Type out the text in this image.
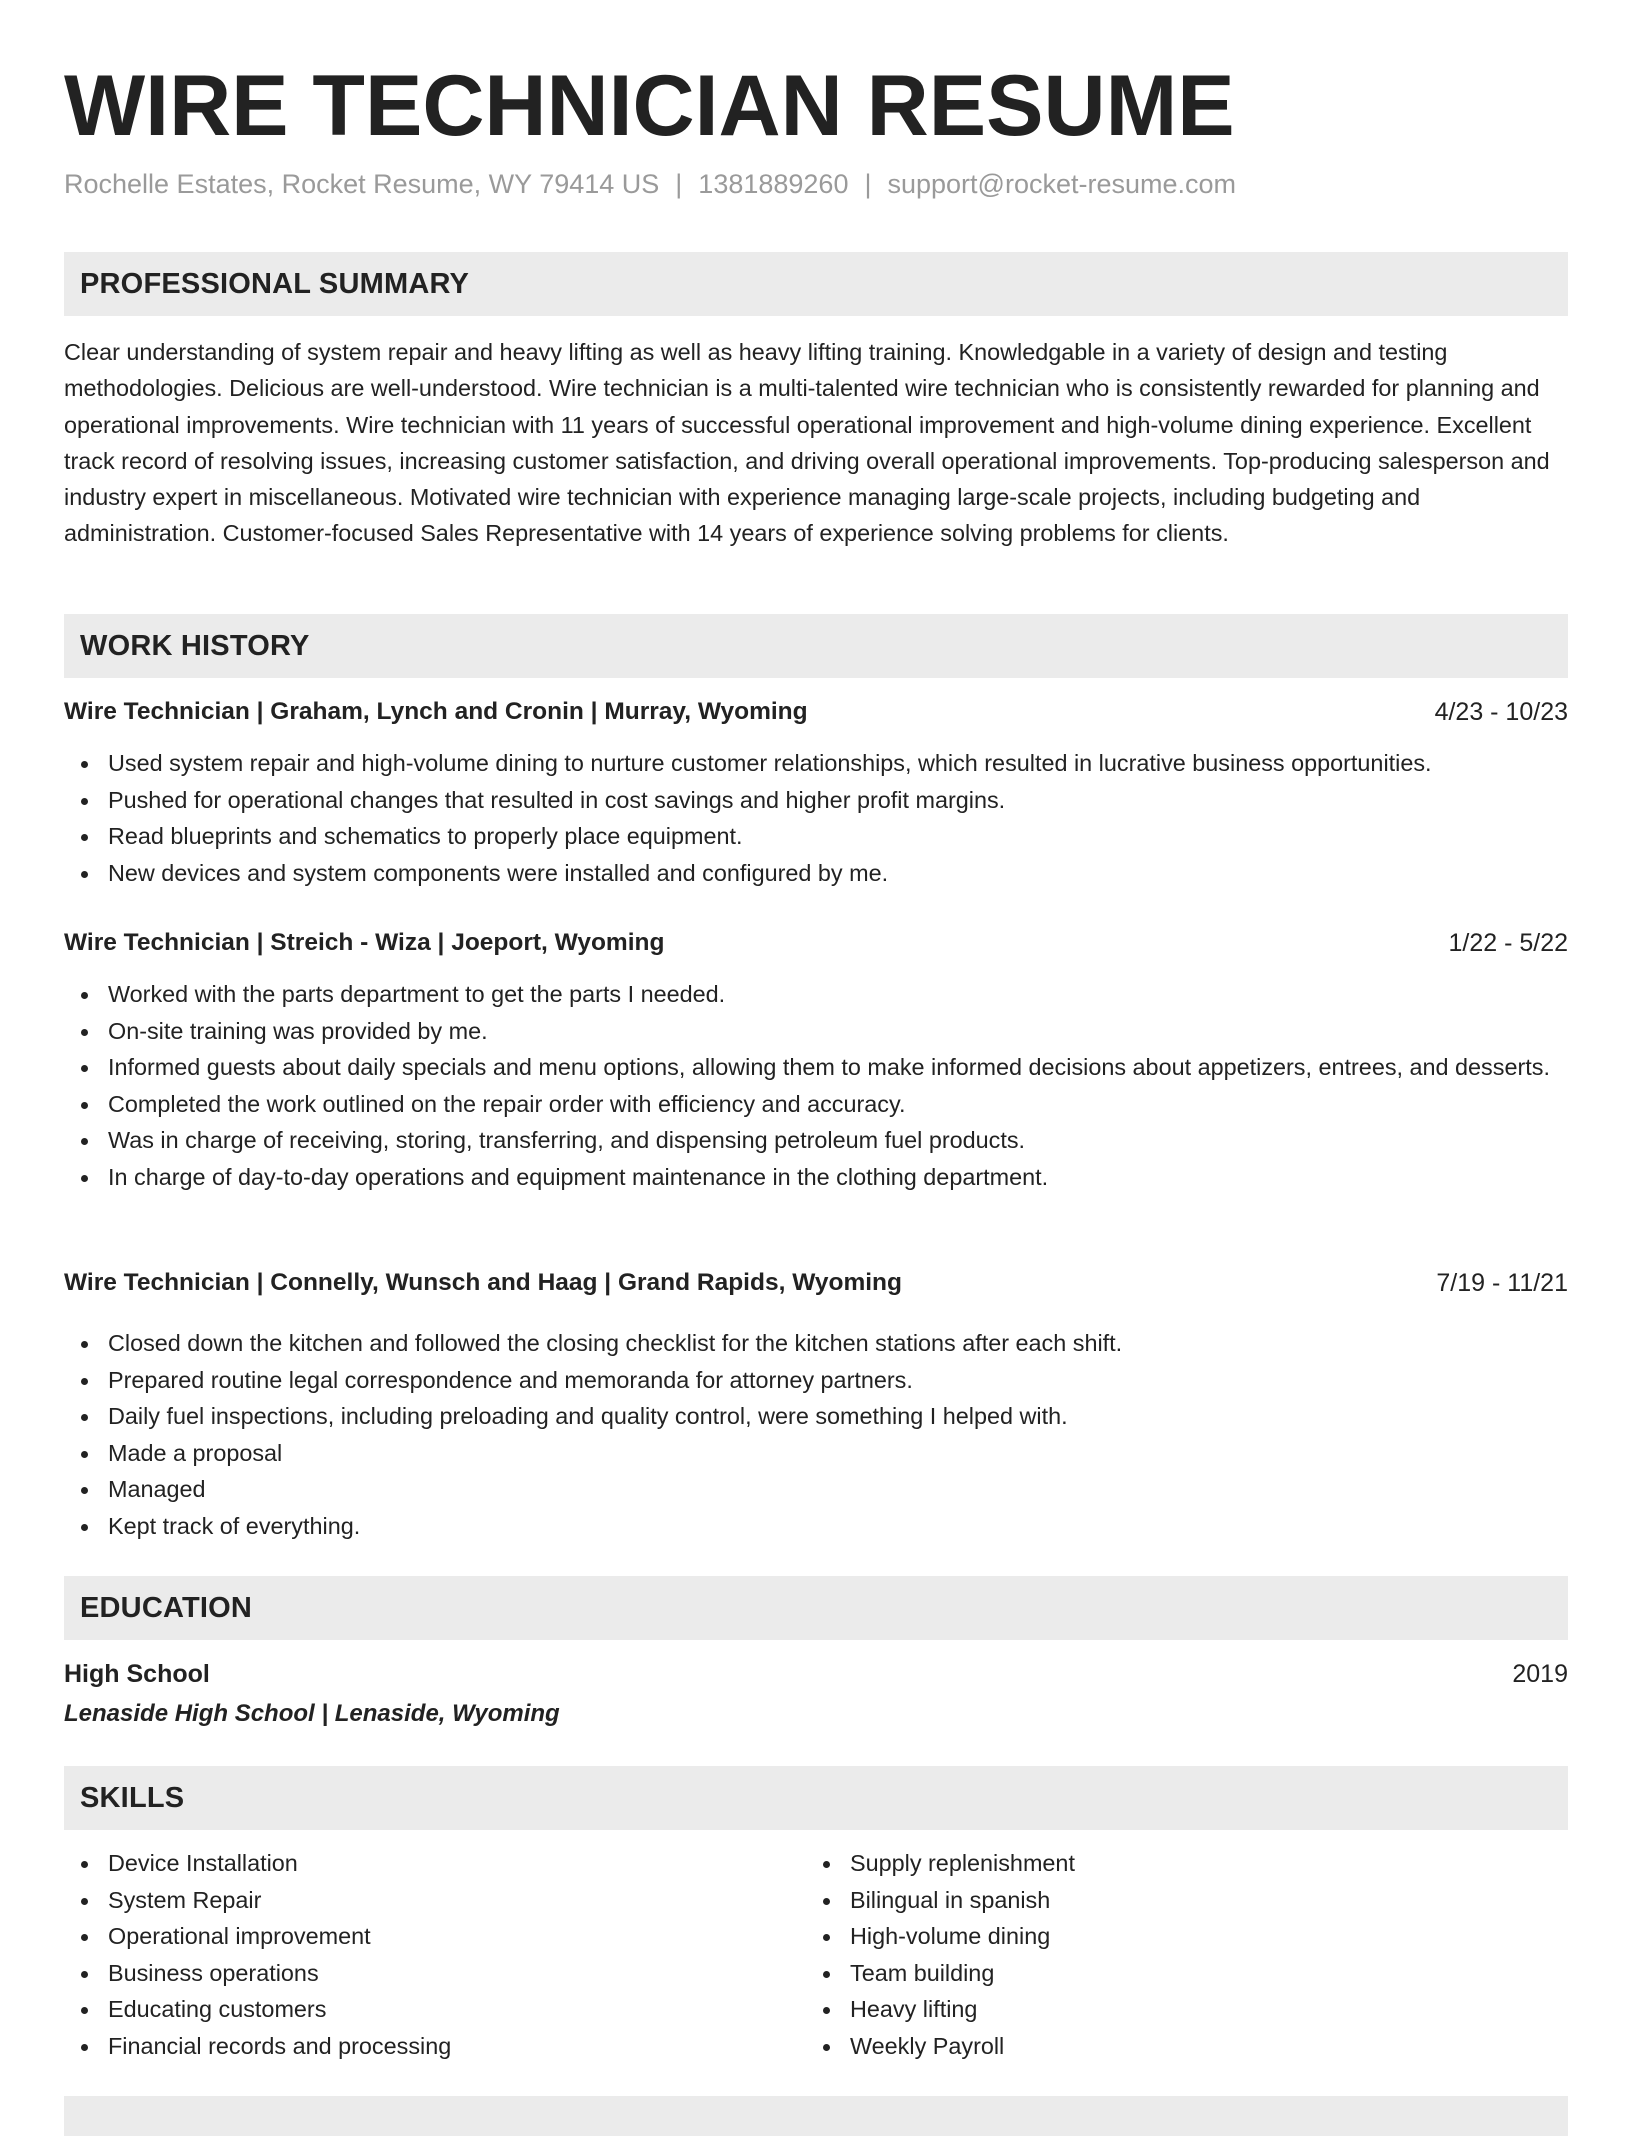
WIRE TECHNICIAN RESUME
Rochelle Estates, Rocket Resume, WY 79414 US | 1381889260 | support@rocket-resume.com
PROFESSIONAL SUMMARY

Clear understanding of system repair and heavy lifting as well as heavy lifting training. Knowledgable in a variety of design and testing methodologies. Delicious are well-understood. Wire technician is a multi-talented wire technician who is consistently rewarded for planning and operational improvements. Wire technician with 11 years of successful operational improvement and high-volume dining experience. Excellent track record of resolving issues, increasing customer satisfaction, and driving overall operational improvements. Top-producing salesperson and industry expert in miscellaneous. Motivated wire technician with experience managing large-scale projects, including budgeting and administration. Customer-focused Sales Representative with 14 years of experience solving problems for clients.

WORK HISTORY
Wire Technician | Graham, Lynch and Cronin | Murray, Wyoming	4/23 - 10/23
Used system repair and high-volume dining to nurture customer relationships, which resulted in lucrative business opportunities.
Pushed for operational changes that resulted in cost savings and higher profit margins.
Read blueprints and schematics to properly place equipment.
New devices and system components were installed and configured by me.
Wire Technician | Streich - Wiza | Joeport, Wyoming	1/22 - 5/22
Worked with the parts department to get the parts I needed.
On-site training was provided by me.
Informed guests about daily specials and menu options, allowing them to make informed decisions about appetizers, entrees, and desserts.
Completed the work outlined on the repair order with efficiency and accuracy.
Was in charge of receiving, storing, transferring, and dispensing petroleum fuel products.
In charge of day-to-day operations and equipment maintenance in the clothing department.
Wire Technician | Connelly, Wunsch and Haag | Grand Rapids, Wyoming	7/19 - 11/21
Closed down the kitchen and followed the closing checklist for the kitchen stations after each shift.
Prepared routine legal correspondence and memoranda for attorney partners.
Daily fuel inspections, including preloading and quality control, were something I helped with.
Made a proposal
Managed
Kept track of everything.
EDUCATION
High School	2019
Lenaside High School | Lenaside, Wyoming
SKILLS
Device Installation
System Repair
Operational improvement
Business operations
Educating customers
Financial records and processing
Supply replenishment
Bilingual in spanish
High-volume dining
Team building
Heavy lifting
Weekly Payroll
